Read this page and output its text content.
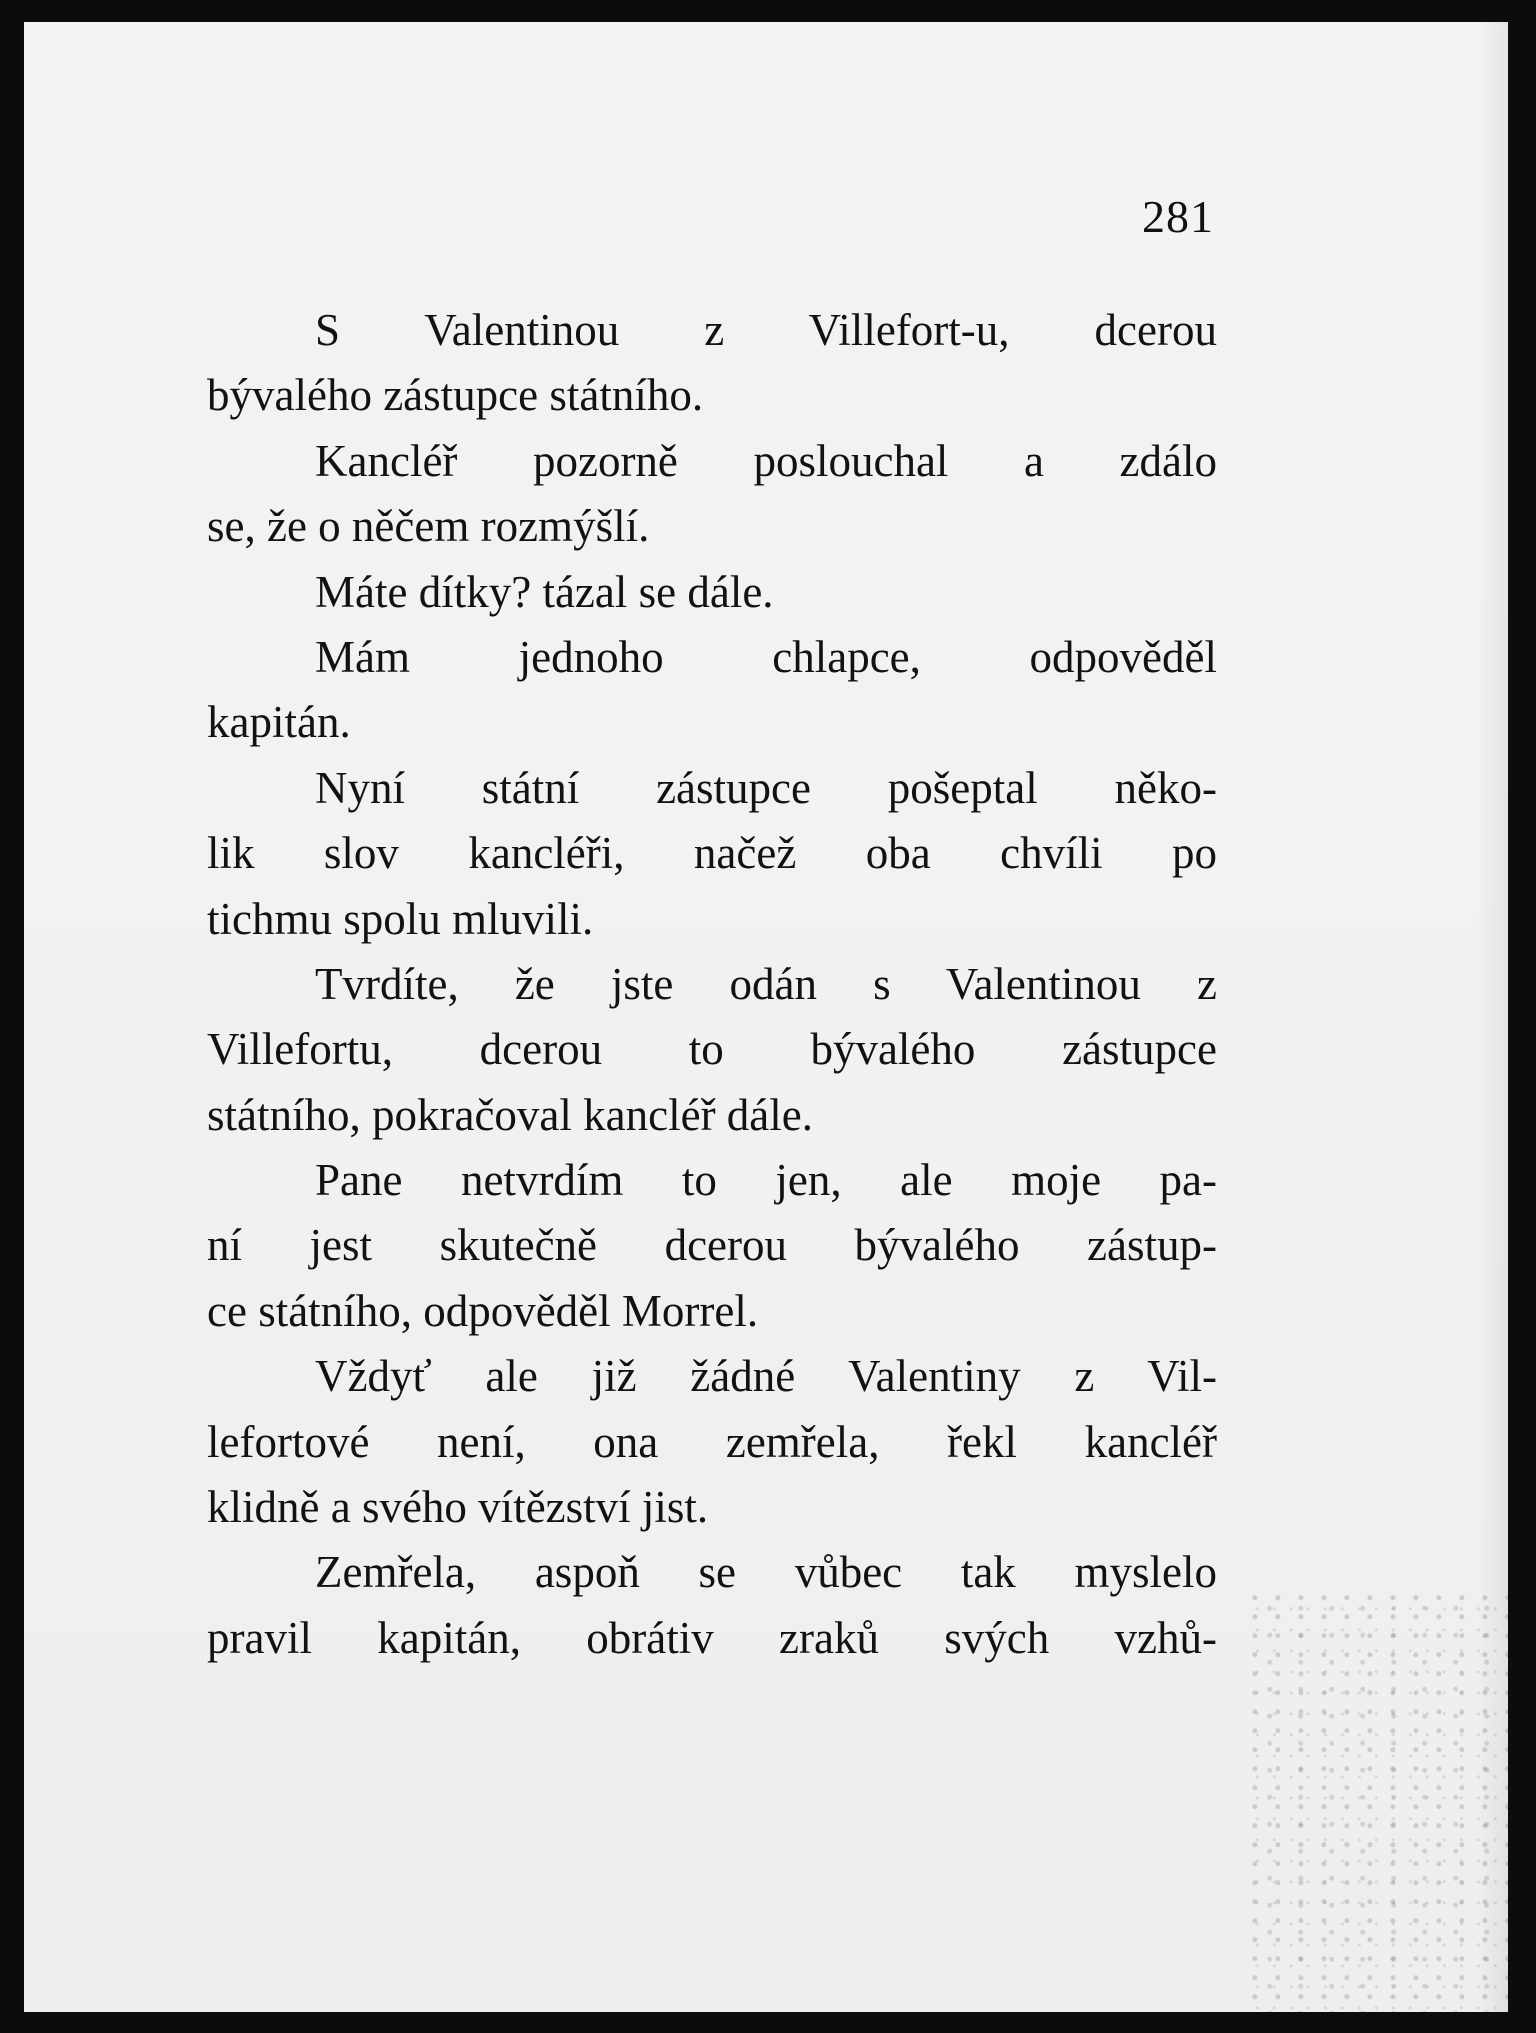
281
S Valentinou z Villefort-u, dcerou
bývalého zástupce státního.
Kancléř pozorně poslouchal a zdálo
se, že o něčem rozmýšlí.
Máte dítky? tázal se dále.
Mám jednoho chlapce, odpověděl
kapitán.
Nyní státní zástupce pošeptal něko-
lik slov kancléři, načež oba chvíli po
tichmu spolu mluvili.
Tvrdíte, že jste odán s Valentinou z
Villefortu, dcerou to bývalého zástupce
státního, pokračoval kancléř dále.
Pane netvrdím to jen, ale moje pa-
ní jest skutečně dcerou bývalého zástup-
ce státního, odpověděl Morrel.
Vždyť ale již žádné Valentiny z Vil-
lefortové není, ona zemřela, řekl kancléř
klidně a svého vítězství jist.
Zemřela, aspoň se vůbec tak myslelo
pravil kapitán, obrátiv zraků svých vzhů-
